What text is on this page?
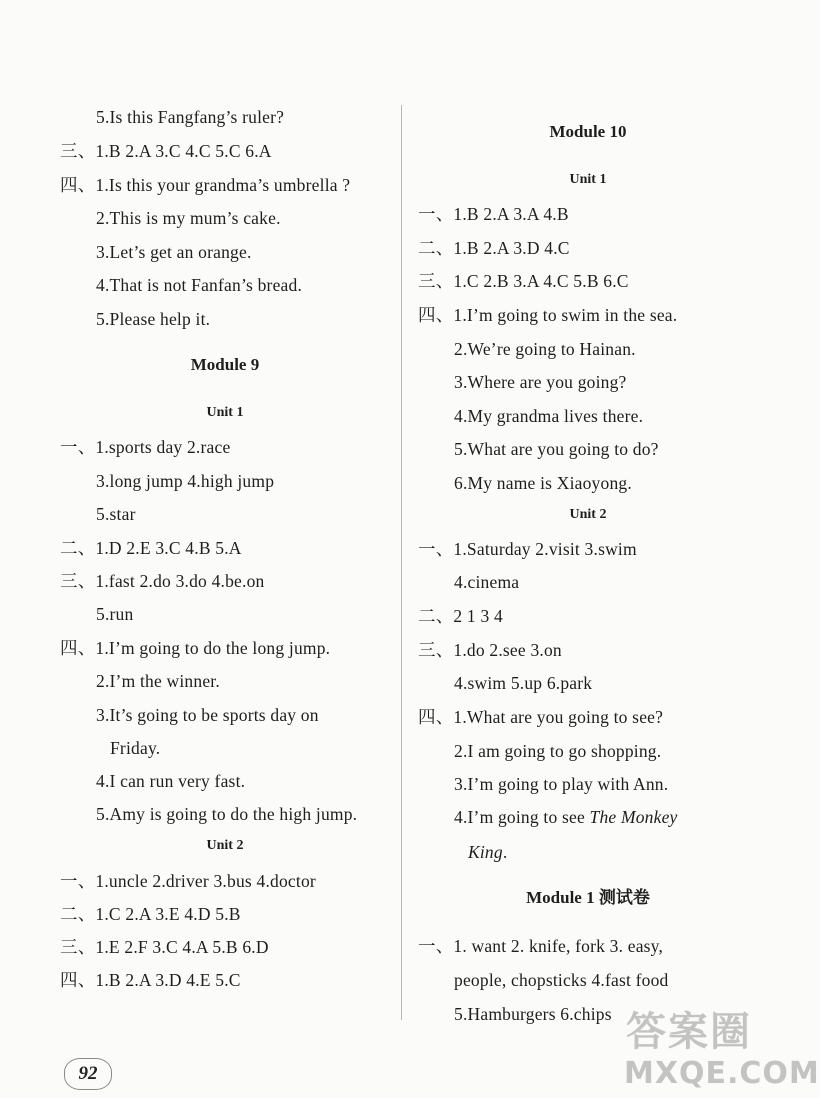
5.Is this Fangfang’s ruler?
三、1.B 2.A 3.C 4.C 5.C 6.A
四、1.Is this your grandma’s umbrella ?
2.This is my mum’s cake.
3.Let’s get an orange.
4.That is not Fanfan’s bread.
5.Please help it.
Module 9
Unit 1
一、1.sports day 2.race
3.long jump 4.high jump
5.star
二、1.D 2.E 3.C 4.B 5.A
三、1.fast 2.do 3.do 4.be.on
5.run
四、1.I’m going to do the long jump.
2.I’m the winner.
3.It’s going to be sports day on
Friday.
4.I can run very fast.
5.Amy is going to do the high jump.
Unit 2
一、1.uncle 2.driver 3.bus 4.doctor
二、1.C 2.A 3.E 4.D 5.B
三、1.E 2.F 3.C 4.A 5.B 6.D
四、1.B 2.A 3.D 4.E 5.C
Module 10
Unit 1
一、1.B 2.A 3.A 4.B
二、1.B 2.A 3.D 4.C
三、1.C 2.B 3.A 4.C 5.B 6.C
四、1.I’m going to swim in the sea.
2.We’re going to Hainan.
3.Where are you going?
4.My grandma lives there.
5.What are you going to do?
6.My name is Xiaoyong.
Unit 2
一、1.Saturday 2.visit 3.swim
4.cinema
二、2 1 3 4
三、1.do 2.see 3.on
4.swim 5.up 6.park
四、1.What are you going to see?
2.I am going to go shopping.
3.I’m going to play with Ann.
4.I’m going to see The Monkey
King.
Module 1 测试卷
一、1. want 2. knife, fork 3. easy,
people, chopsticks 4.fast food
5.Hamburgers 6.chips
92
答案圈
MXQE.COM
